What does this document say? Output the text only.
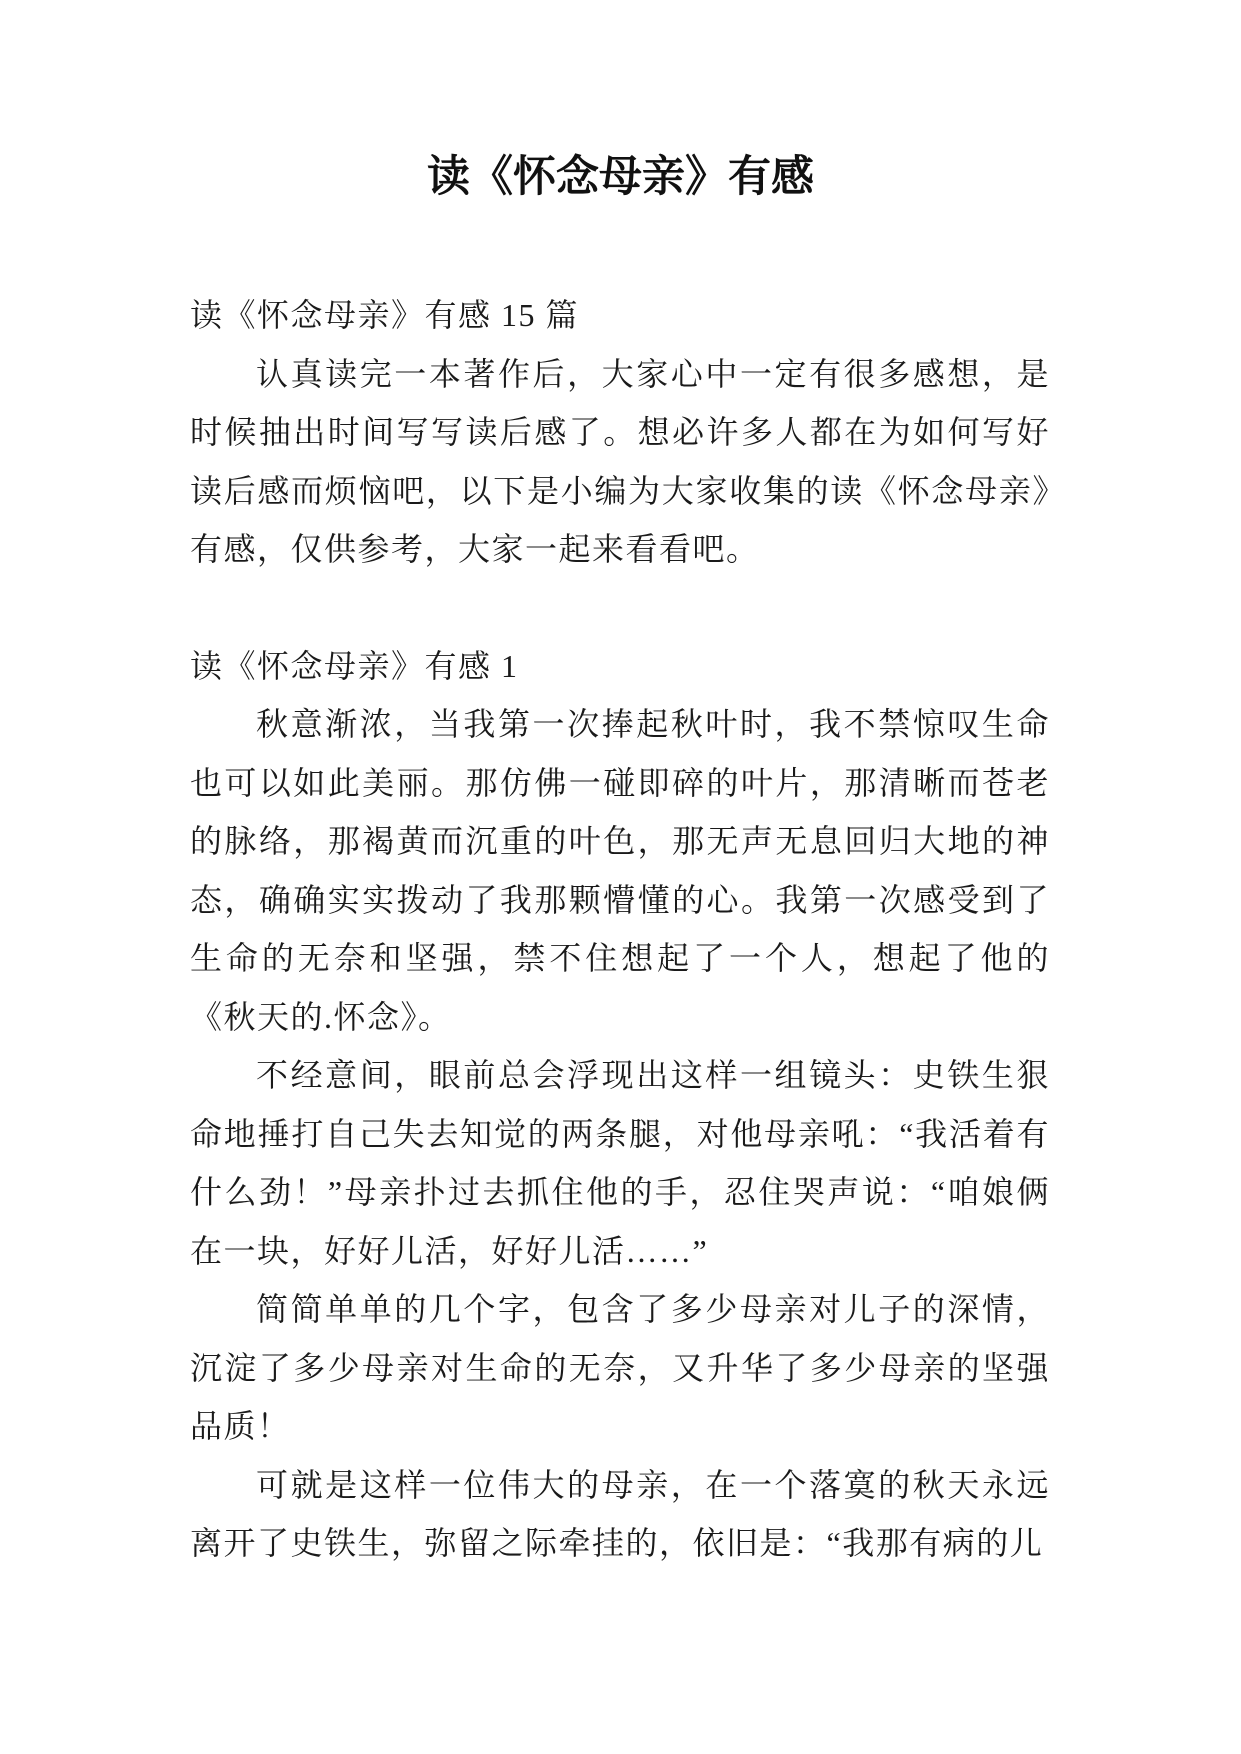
读《怀念母亲》有感

读《怀念母亲》有感 15 篇

认真读完一本著作后，大家心中一定有很多感想，是时候抽出时间写写读后感了。想必许多人都在为如何写好读后感而烦恼吧，以下是小编为大家收集的读《怀念母亲》有感，仅供参考，大家一起来看看吧。

读《怀念母亲》有感 1

秋意渐浓，当我第一次捧起秋叶时，我不禁惊叹生命也可以如此美丽。那仿佛一碰即碎的叶片，那清晰而苍老的脉络，那褐黄而沉重的叶色，那无声无息回归大地的神态，确确实实拨动了我那颗懵懂的心。我第一次感受到了生命的无奈和坚强，禁不住想起了一个人，想起了他的《秋天的.怀念》。

不经意间，眼前总会浮现出这样一组镜头：史铁生狠命地捶打自己失去知觉的两条腿，对他母亲吼：“我活着有什么劲！”母亲扑过去抓住他的手，忍住哭声说：“咱娘俩在一块，好好儿活，好好儿活……”

简简单单的几个字，包含了多少母亲对儿子的深情，沉淀了多少母亲对生命的无奈，又升华了多少母亲的坚强品质！

可就是这样一位伟大的母亲，在一个落寞的秋天永远离开了史铁生，弥留之际牵挂的，依旧是：“我那有病的儿
